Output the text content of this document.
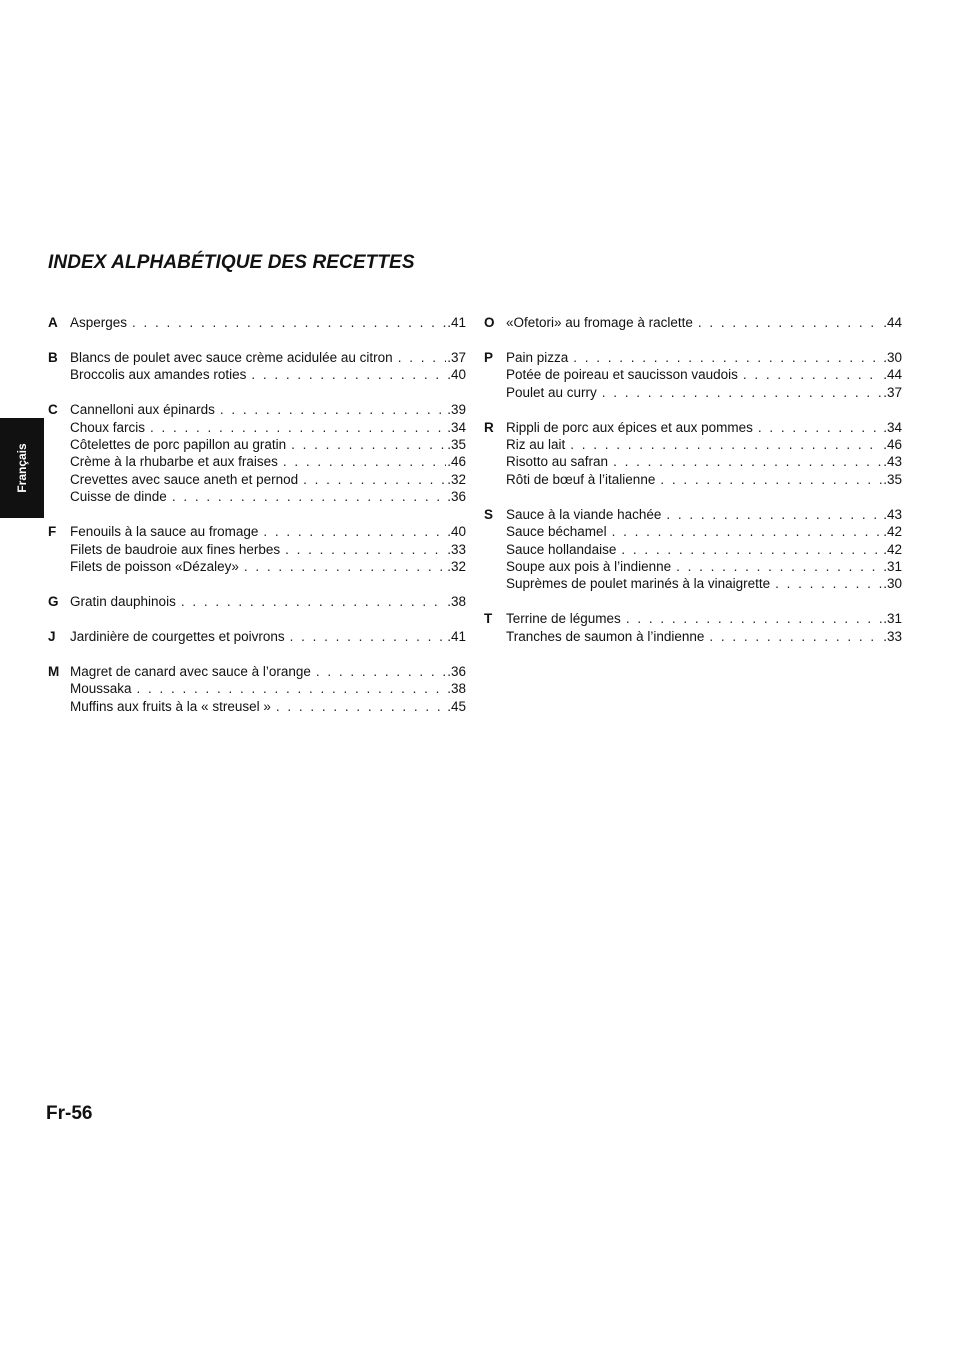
Français
INDEX ALPHABÉTIQUE DES RECETTES
A Asperges . . .	.41
B Blancs de poulet avec sauce crème acidulée au citron . . .	.37
Broccolis aux amandes roties . . .	.40
C Cannelloni aux épinards . . .	.39
Choux farcis . . .	.34
Côtelettes de porc papillon au gratin . . .	.35
Crème à la rhubarbe et aux fraises . . .	.46
Crevettes avec sauce aneth et pernod . . .	.32
Cuisse de dinde . . .	.36
F	Fenouils à la sauce au fromage . . .	.40
Filets de baudroie aux fines herbes . . .	.33
Filets de poisson «Dézaley» . . .	.32
G Gratin dauphinois . . .	.38
J	Jardinière de courgettes et poivrons . . .	.41
M Magret de canard avec sauce à l’orange . . .	.36
Moussaka . . .	.38
Muffins aux fruits à la « streusel » . . .	.45
O «Ofetori» au fromage à raclette . . .	.44
P Pain pizza . . .	.30
Potée de poireau et saucisson vaudois . . .	.44
Poulet au curry . . .	.37
R Rippli de porc aux épices et aux pommes . . .	.34
Riz au lait . . .	.46
Risotto au safran . . .	.43
Rôti de bœuf à l’italienne . . .	.35
S Sauce à la viande hachée . . .	.43
Sauce béchamel . . .	.42
Sauce hollandaise . . .	.42
Soupe aux pois à l’indienne . . .	.31
Suprèmes de poulet marinés à la vinaigrette . . .	.30
T	Terrine de légumes . . .	.31
Tranches de saumon à l’indienne . . .	.33
Fr-56
